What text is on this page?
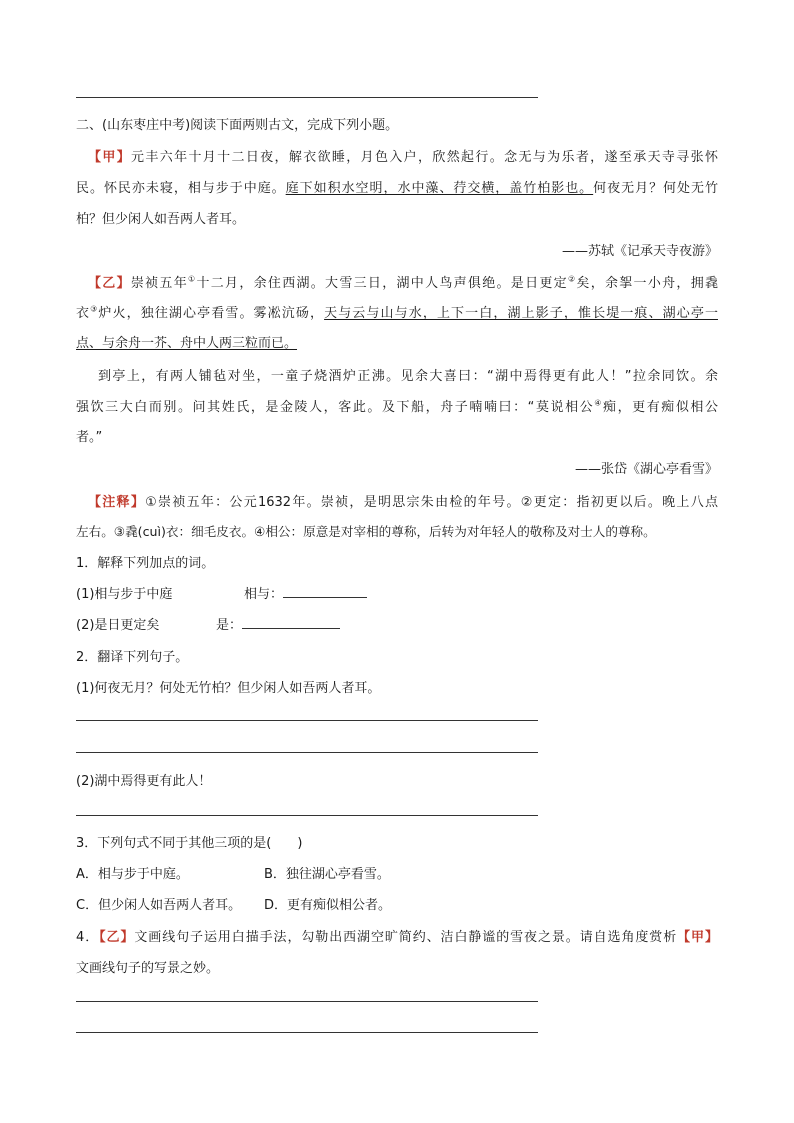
二、(山东枣庄中考)阅读下面两则古文，完成下列小题。
【甲】元丰六年十月十二日夜，解衣欲睡，月色入户，欣然起行。念无与为乐者，遂至承天寺寻张怀
民。怀民亦未寝，相与步于中庭。庭下如积水空明，水中藻、荇交横，盖竹柏影也。何夜无月？何处无竹
柏？但少闲人如吾两人者耳。
——苏轼《记承天寺夜游》
【乙】崇祯五年①十二月，余住西湖。大雪三日，湖中人鸟声俱绝。是日更定②矣，余挐一小舟，拥毳
衣③炉火，独往湖心亭看雪。雾凇沆砀，天与云与山与水，上下一白，湖上影子，惟长堤一痕、湖心亭一
点、与余舟一芥、舟中人两三粒而已。
到亭上，有两人铺毡对坐，一童子烧酒炉正沸。见余大喜曰：“湖中焉得更有此人！”拉余同饮。余
强饮三大白而别。问其姓氏，是金陵人，客此。及下船，舟子喃喃曰：“莫说相公④痴，更有痴似相公
者。”
——张岱《湖心亭看雪》
【注释】①崇祯五年：公元1632年。崇祯，是明思宗朱由检的年号。②更定：指初更以后。晚上八点
左右。③毳(cuì)衣：细毛皮衣。④相公：原意是对宰相的尊称，后转为对年轻人的敬称及对士人的尊称。
1．解释下列加点的词。
(1)相与步于中庭	相与：
(2)是日更定矣	是：
2．翻译下列句子。
(1)何夜无月？何处无竹柏？但少闲人如吾两人者耳。
(2)湖中焉得更有此人！
3．下列句式不同于其他三项的是(　　)
A．相与步于中庭。	B．独往湖心亭看雪。
C．但少闲人如吾两人者耳。 D．更有痴似相公者。
4．【乙】文画线句子运用白描手法，勾勒出西湖空旷简约、洁白静谧的雪夜之景。请自选角度赏析【甲】
文画线句子的写景之妙。
